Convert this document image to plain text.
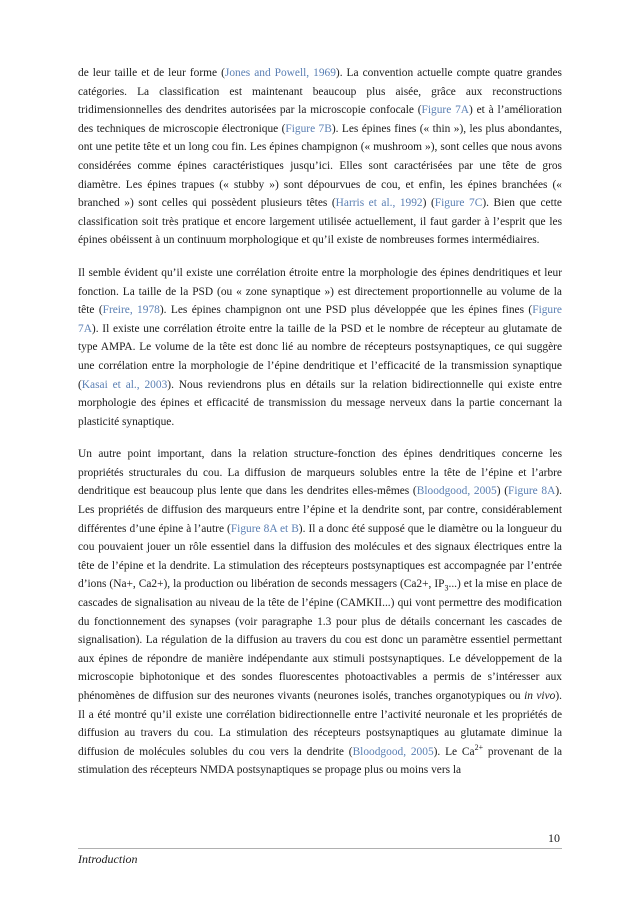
de leur taille et de leur forme (Jones and Powell, 1969). La convention actuelle compte quatre grandes catégories. La classification est maintenant beaucoup plus aisée, grâce aux reconstructions tridimensionnelles des dendrites autorisées par la microscopie confocale (Figure 7A) et à l’amélioration des techniques de microscopie électronique (Figure 7B). Les épines fines (« thin »), les plus abondantes, ont une petite tête et un long cou fin. Les épines champignon (« mushroom »), sont celles que nous avons considérées comme épines caractéristiques jusqu’ici. Elles sont caractérisées par une tête de gros diamètre. Les épines trapues (« stubby ») sont dépourvues de cou, et enfin, les épines branchées (« branched ») sont celles qui possèdent plusieurs têtes (Harris et al., 1992) (Figure 7C). Bien que cette classification soit très pratique et encore largement utilisée actuellement, il faut garder à l’esprit que les épines obéissent à un continuum morphologique et qu’il existe de nombreuses formes intermédiaires.

Il semble évident qu’il existe une corrélation étroite entre la morphologie des épines dendritiques et leur fonction. La taille de la PSD (ou « zone synaptique ») est directement proportionnelle au volume de la tête (Freire, 1978). Les épines champignon ont une PSD plus développée que les épines fines (Figure 7A). Il existe une corrélation étroite entre la taille de la PSD et le nombre de récepteur au glutamate de type AMPA. Le volume de la tête est donc lié au nombre de récepteurs postsynaptiques, ce qui suggère une corrélation entre la morphologie de l’épine dendritique et l’efficacité de la transmission synaptique (Kasai et al., 2003). Nous reviendrons plus en détails sur la relation bidirectionnelle qui existe entre morphologie des épines et efficacité de transmission du message nerveux dans la partie concernant la plasticité synaptique.

Un autre point important, dans la relation structure-fonction des épines dendritiques concerne les propriétés structurales du cou. La diffusion de marqueurs solubles entre la tête de l’épine et l’arbre dendritique est beaucoup plus lente que dans les dendrites elles-mêmes (Bloodgood, 2005) (Figure 8A). Les propriétés de diffusion des marqueurs entre l’épine et la dendrite sont, par contre, considérablement différentes d’une épine à l’autre (Figure 8A et B). Il a donc été supposé que le diamètre ou la longueur du cou pouvaient jouer un rôle essentiel dans la diffusion des molécules et des signaux électriques entre la tête de l’épine et la dendrite. La stimulation des récepteurs postsynaptiques est accompagnée par l’entrée d’ions (Na+, Ca2+), la production ou libération de seconds messagers (Ca2+, $IP_3$...) et la mise en place de cascades de signalisation au niveau de la tête de l’épine (CAMKII...) qui vont permettre des modification du fonctionnement des synapses (voir paragraphe 1.3 pour plus de détails concernant les cascades de signalisation). La régulation de la diffusion au travers du cou est donc un paramètre essentiel permettant aux épines de répondre de manière indépendante aux stimuli postsynaptiques. Le développement de la microscopie biphotonique et des sondes fluorescentes photoactivables a permis de s’intéresser aux phénomènes de diffusion sur des neurones vivants (neurones isolés, tranches organotypiques ou in vivo). Il a été montré qu’il existe une corrélation bidirectionnelle entre l’activité neuronale et les propriétés de diffusion au travers du cou. La stimulation des récepteurs postsynaptiques au glutamate diminue la diffusion de molécules solubles du cou vers la dendrite (Bloodgood, 2005). Le $Ca^{2+}$ provenant de la stimulation des récepteurs NMDA postsynaptiques se propage plus ou moins vers la

10
Introduction
